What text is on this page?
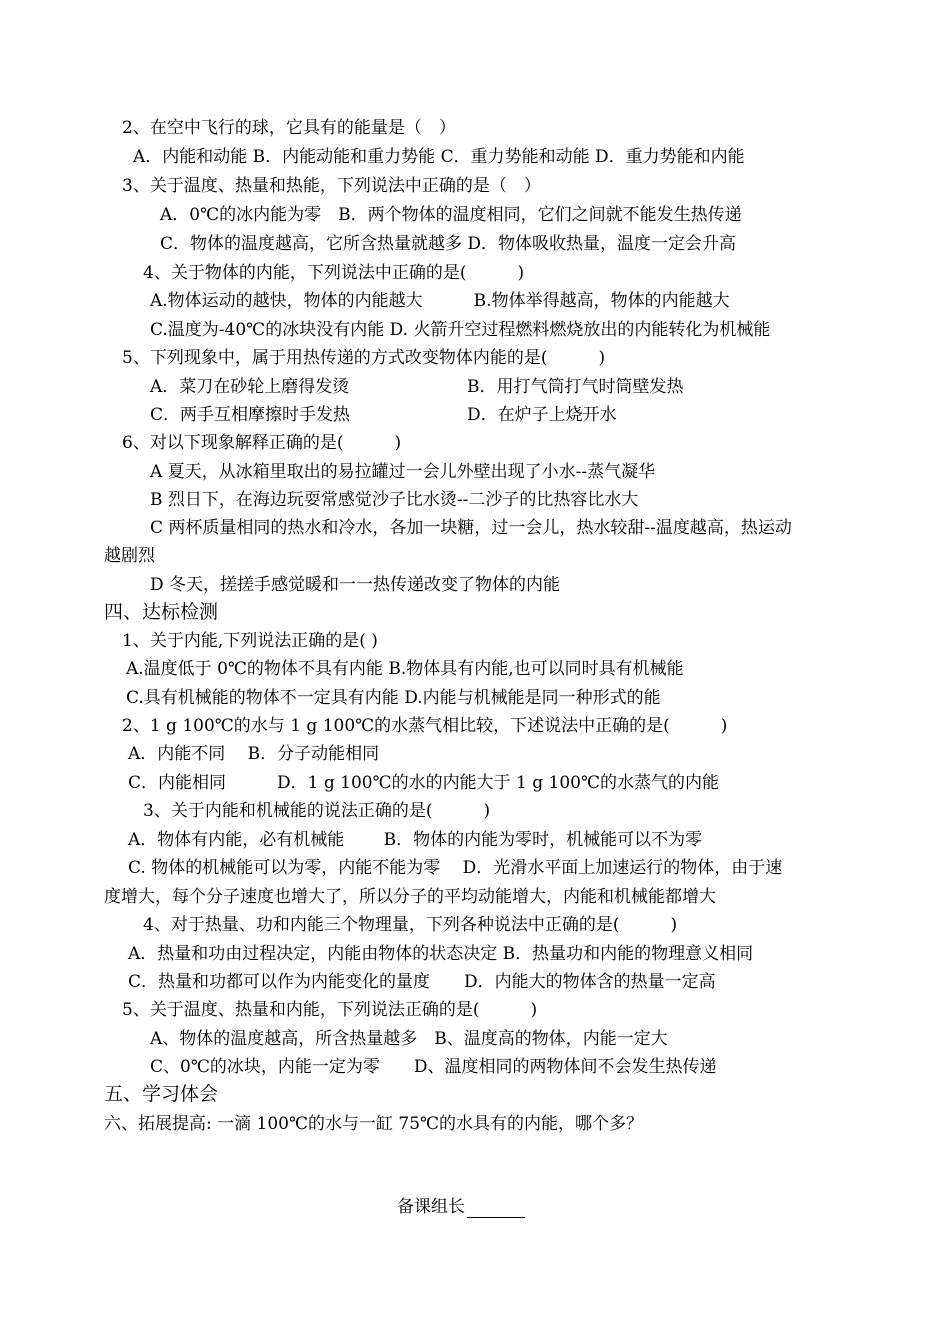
2、在空中飞行的球，它具有的能量是（　）
A．内能和动能 B．内能动能和重力势能 C．重力势能和动能 D．重力势能和内能
3、关于温度、热量和热能，下列说法中正确的是（　）
A．0℃的冰内能为零　B．两个物体的温度相同，它们之间就不能发生热传递
C．物体的温度越高，它所含热量就越多 D．物体吸收热量，温度一定会升高
4、关于物体的内能，下列说法中正确的是(　　　)
A.物体运动的越快，物体的内能越大　　　B.物体举得越高，物体的内能越大
C.温度为-40℃的冰块没有内能 D. 火箭升空过程燃料燃烧放出的内能转化为机械能
5、下列现象中，属于用热传递的方式改变物体内能的是(　　　)
A．菜刀在砂轮上磨得发烫	B．用打气筒打气时筒壁发热
C．两手互相摩擦时手发热	D．在炉子上烧开水
6、对以下现象解释正确的是(　　　)
A 夏天，从冰箱里取出的易拉罐过一会儿外壁出现了小水--蒸气凝华
B 烈日下，在海边玩耍常感觉沙子比水烫--二沙子的比热容比水大
C 两杯质量相同的热水和冷水，各加一块糖，过一会儿，热水较甜--温度越高，热运动
越剧烈
D 冬天，搓搓手感觉暖和一一热传递改变了物体的内能
四、达标检测
1、关于内能,下列说法正确的是( )
A.温度低于 0℃的物体不具有内能 B.物体具有内能,也可以同时具有机械能
C.具有机械能的物体不一定具有内能 D.内能与机械能是同一种形式的能
2、1 g 100℃的水与 1 g 100℃的水蒸气相比较，下述说法中正确的是(　　　)
A．内能不同　 B．分子动能相同
C．内能相同　　　D．1 g 100℃的水的内能大于 1 g 100℃的水蒸气的内能
3、关于内能和机械能的说法正确的是(　　　)
A．物体有内能，必有机械能　　 B．物体的内能为零时，机械能可以不为零
C. 物体的机械能可以为零，内能不能为零　 D．光滑水平面上加速运行的物体，由于速
度增大，每个分子速度也增大了，所以分子的平均动能增大，内能和机械能都增大
4、对于热量、功和内能三个物理量，下列各种说法中正确的是(　　　)
A．热量和功由过程决定，内能由物体的状态决定 B．热量功和内能的物理意义相同
C．热量和功都可以作为内能变化的量度　　D．内能大的物体含的热量一定高
5、关于温度、热量和内能，下列说法正确的是(　　　)
A、物体的温度越高，所含热量越多　B、温度高的物体，内能一定大
C、0℃的冰块，内能一定为零　　D、温度相同的两物体间不会发生热传递
五、学习体会
六、拓展提高: 一滴 100℃的水与一缸 75℃的水具有的内能，哪个多？
备课组长
